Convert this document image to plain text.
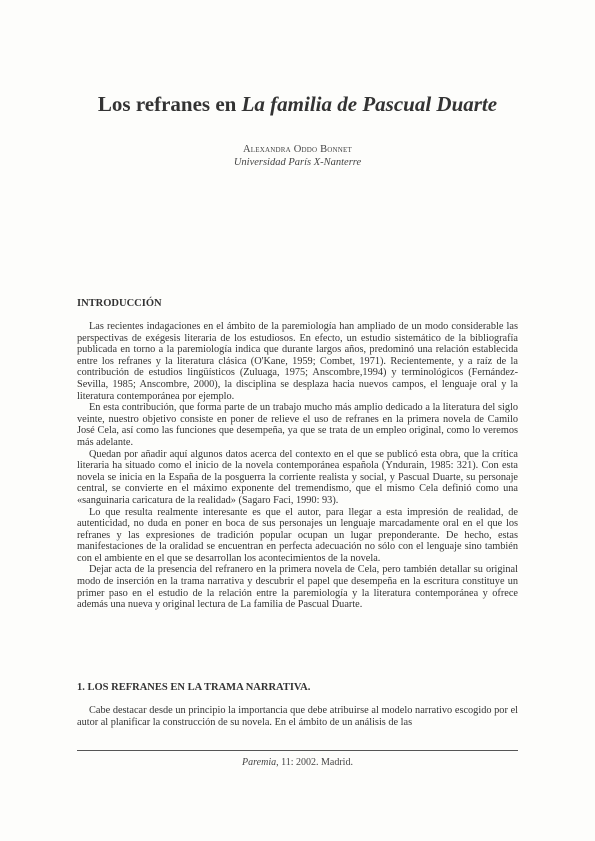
Los refranes en La familia de Pascual Duarte
Alexandra Oddo Bonnet
Universidad París X-Nanterre
INTRODUCCIÓN

Las recientes indagaciones en el ámbito de la paremiología han ampliado de un modo considerable las perspectivas de exégesis literaria de los estudiosos. En efecto, un estudio sistemático de la bibliografía publicada en torno a la paremiología indica que durante largos años, predominó una relación establecida entre los refranes y la literatura clásica (O'Kane, 1959; Combet, 1971). Recientemente, y a raíz de la contribución de estudios lingüísticos (Zuluaga, 1975; Anscombre,1994) y terminológicos (Fernández-Sevilla, 1985; Anscombre, 2000), la disciplina se desplaza hacia nuevos campos, el lenguaje oral y la literatura contemporánea por ejemplo.

En esta contribución, que forma parte de un trabajo mucho más amplio dedicado a la literatura del siglo veinte, nuestro objetivo consiste en poner de relieve el uso de refranes en la primera novela de Camilo José Cela, así como las funciones que desempeña, ya que se trata de un empleo original, como lo veremos más adelante.

Quedan por añadir aquí algunos datos acerca del contexto en el que se publicó esta obra, que la crítica literaria ha situado como el inicio de la novela contemporánea española (Yndurain, 1985: 321). Con esta novela se inicia en la España de la posguerra la corriente realista y social, y Pascual Duarte, su personaje central, se convierte en el máximo exponente del tremendismo, que el mismo Cela definió como una «sanguinaria caricatura de la realidad» (Sagaro Faci, 1990: 93).

Lo que resulta realmente interesante es que el autor, para llegar a esta impresión de realidad, de autenticidad, no duda en poner en boca de sus personajes un lenguaje marcadamente oral en el que los refranes y las expresiones de tradición popular ocupan un lugar preponderante. De hecho, estas manifestaciones de la oralidad se encuentran en perfecta adecuación no sólo con el lenguaje sino también con el ambiente en el que se desarrollan los acontecimientos de la novela.

Dejar acta de la presencia del refranero en la primera novela de Cela, pero también detallar su original modo de inserción en la trama narrativa y descubrir el papel que desempeña en la escritura constituye un primer paso en el estudio de la relación entre la paremiología y la literatura contemporánea y ofrece además una nueva y original lectura de La familia de Pascual Duarte.

1. LOS REFRANES EN LA TRAMA NARRATIVA.

Cabe destacar desde un principio la importancia que debe atribuirse al modelo narrativo escogido por el autor al planificar la construcción de su novela. En el ámbito de un análisis de las

Paremia, 11: 2002. Madrid.
